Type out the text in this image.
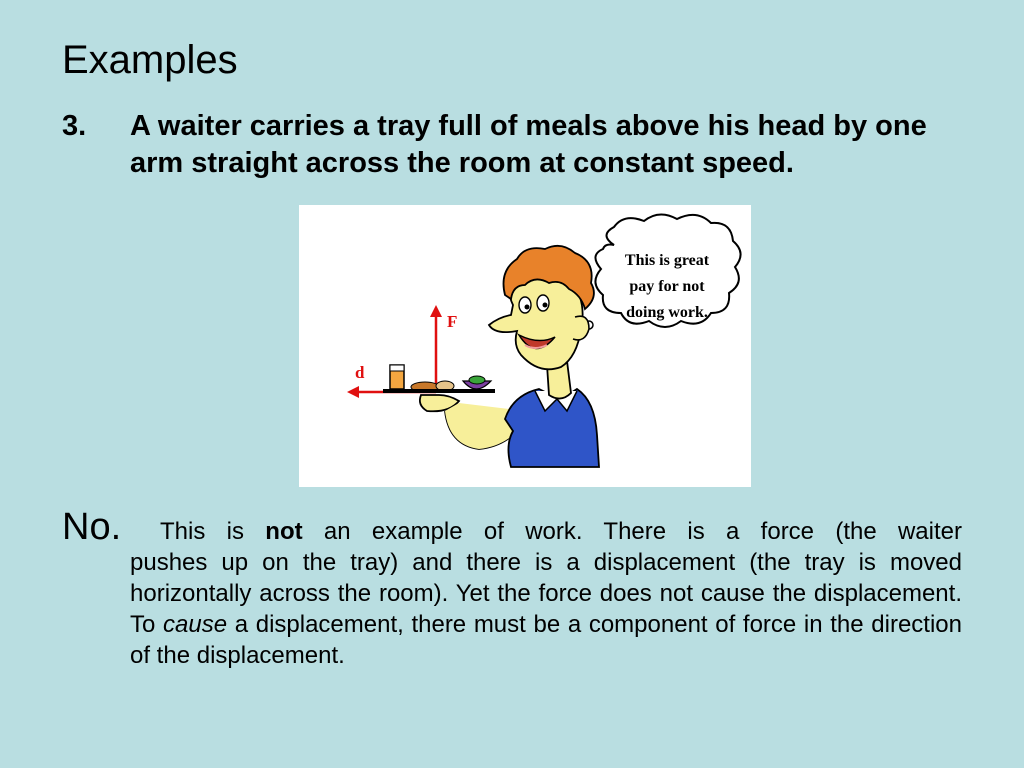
Examples
3.	A waiter carries a tray full of meals above his head by one arm straight across the room at constant speed.
This is great
pay for not
doing work.
F
d
No. This is not an example of work. There is a force (the waiter
pushes up on the tray) and there is a displacement (the tray is moved horizontally across the room). Yet the force does not cause the displacement. To cause a displacement, there must be a component of force in the direction of the displacement.
